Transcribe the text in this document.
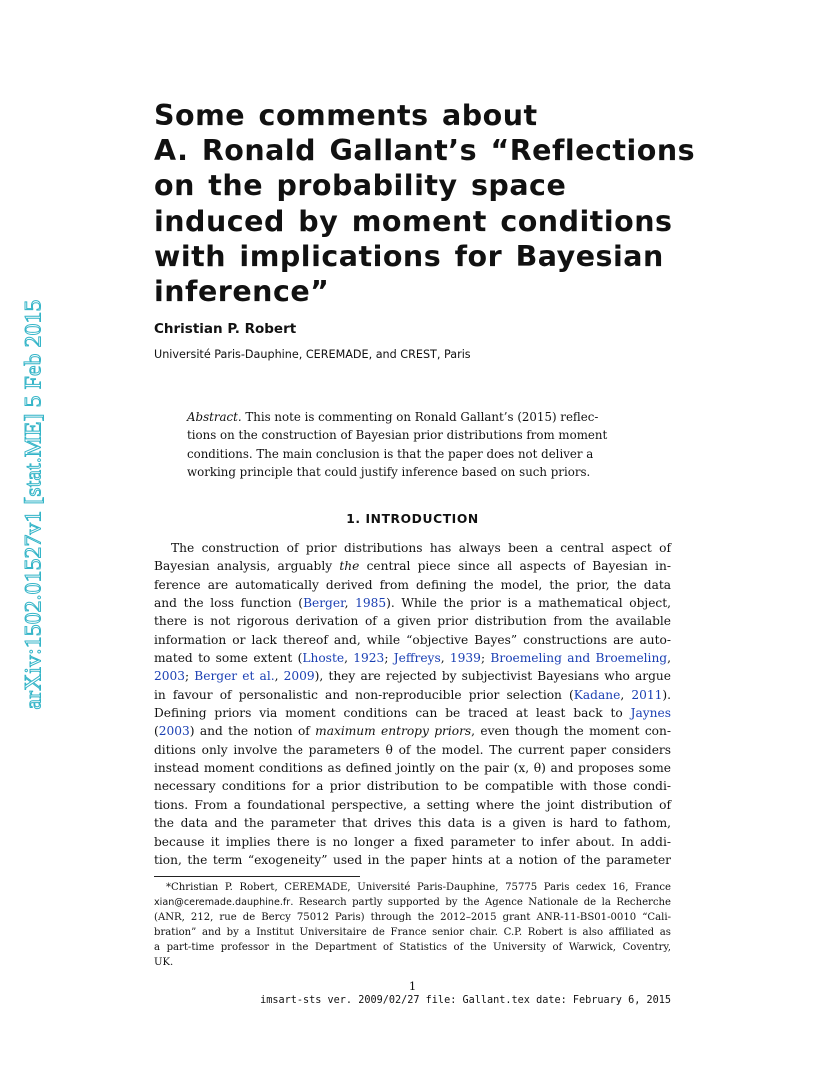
arXiv:1502.01527v1 [stat.ME] 5 Feb 2015
Some comments about
A. Ronald Gallant’s “Reflections
on the probability space
induced by moment conditions
with implications for Bayesian
inference”
Christian P. Robert
Université Paris-Dauphine, CEREMADE, and CREST, Paris
Abstract. This note is commenting on Ronald Gallant’s (2015) reflec-
tions on the construction of Bayesian prior distributions from moment
conditions. The main conclusion is that the paper does not deliver a
working principle that could justify inference based on such priors.
1. INTRODUCTION
The construction of prior distributions has always been a central aspect of
Bayesian analysis, arguably the central piece since all aspects of Bayesian in-
ference are automatically derived from defining the model, the prior, the data
and the loss function (Berger, 1985). While the prior is a mathematical object,
there is not rigorous derivation of a given prior distribution from the available
information or lack thereof and, while “objective Bayes” constructions are auto-
mated to some extent (Lhoste, 1923; Jeffreys, 1939; Broemeling and Broemeling,
2003; Berger et al., 2009), they are rejected by subjectivist Bayesians who argue
in favour of personalistic and non-reproducible prior selection (Kadane, 2011).
Defining priors via moment conditions can be traced at least back to Jaynes
(2003) and the notion of maximum entropy priors, even though the moment con-
ditions only involve the parameters θ of the model. The current paper considers
instead moment conditions as defined jointly on the pair (x, θ) and proposes some
necessary conditions for a prior distribution to be compatible with those condi-
tions. From a foundational perspective, a setting where the joint distribution of
the data and the parameter that drives this data is a given is hard to fathom,
because it implies there is no longer a fixed parameter to infer about. In addi-
tion, the term “exogeneity” used in the paper hints at a notion of the parameter
*Christian P. Robert, CEREMADE, Université Paris-Dauphine, 75775 Paris cedex 16, France
xian@ceremade.dauphine.fr. Research partly supported by the Agence Nationale de la Recherche
(ANR, 212, rue de Bercy 75012 Paris) through the 2012–2015 grant ANR-11-BS01-0010 “Cali-
bration” and by a Institut Universitaire de France senior chair. C.P. Robert is also affiliated as
a part-time professor in the Department of Statistics of the University of Warwick, Coventry,
UK.
1
imsart-sts ver. 2009/02/27 file: Gallant.tex date: February 6, 2015
